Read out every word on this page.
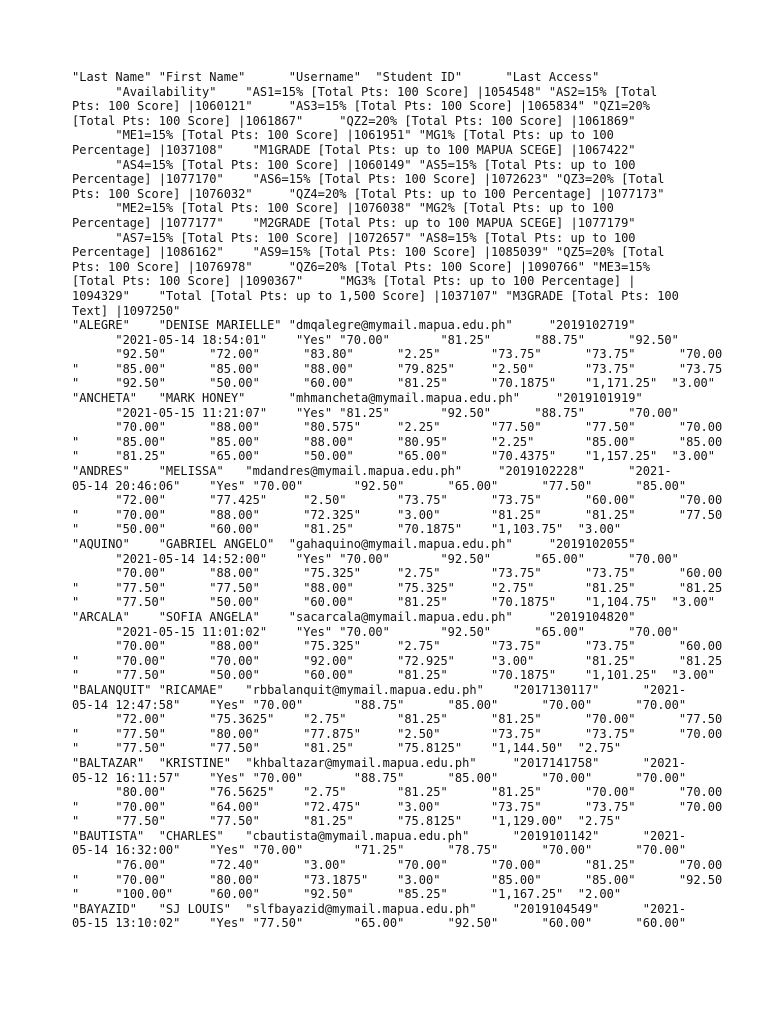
"Last Name" "First Name"      "Username"  "Student ID"      "Last Access"
"Availability"    "AS1=15% [Total Pts: 100 Score] |1054548" "AS2=15% [Total
Pts: 100 Score] |1060121"     "AS3=15% [Total Pts: 100 Score] |1065834" "QZ1=20%
[Total Pts: 100 Score] |1061867"     "QZ2=20% [Total Pts: 100 Score] |1061869"
"ME1=15% [Total Pts: 100 Score] |1061951" "MG1% [Total Pts: up to 100
Percentage] |1037108"    "M1GRADE [Total Pts: up to 100 MAPUA SCEGE] |1067422"
"AS4=15% [Total Pts: 100 Score] |1060149" "AS5=15% [Total Pts: up to 100
Percentage] |1077170"    "AS6=15% [Total Pts: 100 Score] |1072623" "QZ3=20% [Total
Pts: 100 Score] |1076032"     "QZ4=20% [Total Pts: up to 100 Percentage] |1077173"
"ME2=15% [Total Pts: 100 Score] |1076038" "MG2% [Total Pts: up to 100
Percentage] |1077177"    "M2GRADE [Total Pts: up to 100 MAPUA SCEGE] |1077179"
"AS7=15% [Total Pts: 100 Score] |1072657" "AS8=15% [Total Pts: up to 100
Percentage] |1086162"    "AS9=15% [Total Pts: 100 Score] |1085039" "QZ5=20% [Total
Pts: 100 Score] |1076978"     "QZ6=20% [Total Pts: 100 Score] |1090766" "ME3=15%
[Total Pts: 100 Score] |1090367"     "MG3% [Total Pts: up to 100 Percentage] |
1094329"    "Total [Total Pts: up to 1,500 Score] |1037107" "M3GRADE [Total Pts: 100
Text] |1097250"
"ALEGRE"    "DENISE MARIELLE" "dmqalegre@mymail.mapua.edu.ph"     "2019102719"
"2021-05-14 18:54:01"    "Yes" "70.00"       "81.25"      "88.75"      "92.50"
"92.50"      "72.00"      "83.80"      "2.25"       "73.75"      "73.75"      "70.00
"     "85.00"      "85.00"      "88.00"      "79.825"     "2.50"       "73.75"      "73.75
"     "92.50"      "50.00"      "60.00"      "81.25"      "70.1875"    "1,171.25"  "3.00"
"ANCHETA"   "MARK HONEY"      "mhmancheta@mymail.mapua.edu.ph"     "2019101919"
"2021-05-15 11:21:07"    "Yes" "81.25"       "92.50"      "88.75"      "70.00"
"70.00"      "88.00"      "80.575"     "2.25"       "77.50"      "77.50"      "70.00
"     "85.00"      "85.00"      "88.00"      "80.95"      "2.25"       "85.00"      "85.00
"     "81.25"      "65.00"      "50.00"      "65.00"      "70.4375"    "1,157.25"  "3.00"
"ANDRES"    "MELISSA"   "mdandres@mymail.mapua.edu.ph"     "2019102228"      "2021-
05-14 20:46:06"    "Yes" "70.00"       "92.50"      "65.00"      "77.50"      "85.00"
"72.00"      "77.425"     "2.50"       "73.75"      "73.75"      "60.00"      "70.00
"     "70.00"      "88.00"      "72.325"     "3.00"       "81.25"      "81.25"      "77.50
"     "50.00"      "60.00"      "81.25"      "70.1875"    "1,103.75"  "3.00"
"AQUINO"    "GABRIEL ANGELO"  "gahaquino@mymail.mapua.edu.ph"     "2019102055"
"2021-05-14 14:52:00"    "Yes" "70.00"       "92.50"      "65.00"      "70.00"
"70.00"      "88.00"      "75.325"     "2.75"       "73.75"      "73.75"      "60.00
"     "77.50"      "77.50"      "88.00"      "75.325"     "2.75"       "81.25"      "81.25
"     "77.50"      "50.00"      "60.00"      "81.25"      "70.1875"    "1,104.75"  "3.00"
"ARCALA"    "SOFIA ANGELA"    "sacarcala@mymail.mapua.edu.ph"     "2019104820"
"2021-05-15 11:01:02"    "Yes" "70.00"       "92.50"      "65.00"      "70.00"
"70.00"      "88.00"      "75.325"     "2.75"       "73.75"      "73.75"      "60.00
"     "70.00"      "70.00"      "92.00"      "72.925"     "3.00"       "81.25"      "81.25
"     "77.50"      "50.00"      "60.00"      "81.25"      "70.1875"    "1,101.25"  "3.00"
"BALANQUIT" "RICAMAE"   "rbbalanquit@mymail.mapua.edu.ph"    "2017130117"      "2021-
05-14 12:47:58"    "Yes" "70.00"       "88.75"      "85.00"      "70.00"      "70.00"
"72.00"      "75.3625"    "2.75"       "81.25"      "81.25"      "70.00"      "77.50
"     "77.50"      "80.00"      "77.875"     "2.50"       "73.75"      "73.75"      "70.00
"     "77.50"      "77.50"      "81.25"      "75.8125"    "1,144.50"  "2.75"
"BALTAZAR"  "KRISTINE"  "khbaltazar@mymail.mapua.edu.ph"     "2017141758"      "2021-
05-12 16:11:57"    "Yes" "70.00"       "88.75"      "85.00"      "70.00"      "70.00"
"80.00"      "76.5625"    "2.75"       "81.25"      "81.25"      "70.00"      "70.00
"     "70.00"      "64.00"      "72.475"     "3.00"       "73.75"      "73.75"      "70.00
"     "77.50"      "77.50"      "81.25"      "75.8125"    "1,129.00"  "2.75"
"BAUTISTA"  "CHARLES"   "cbautista@mymail.mapua.edu.ph"      "2019101142"      "2021-
05-14 16:32:00"    "Yes" "70.00"       "71.25"      "78.75"      "70.00"      "70.00"
"76.00"      "72.40"      "3.00"       "70.00"      "70.00"      "81.25"      "70.00
"     "70.00"      "80.00"      "73.1875"    "3.00"       "85.00"      "85.00"      "92.50
"     "100.00"     "60.00"      "92.50"      "85.25"      "1,167.25"  "2.00"
"BAYAZID"   "SJ LOUIS"  "slfbayazid@mymail.mapua.edu.ph"     "2019104549"      "2021-
05-15 13:10:02"    "Yes" "77.50"       "65.00"      "92.50"      "60.00"      "60.00"
